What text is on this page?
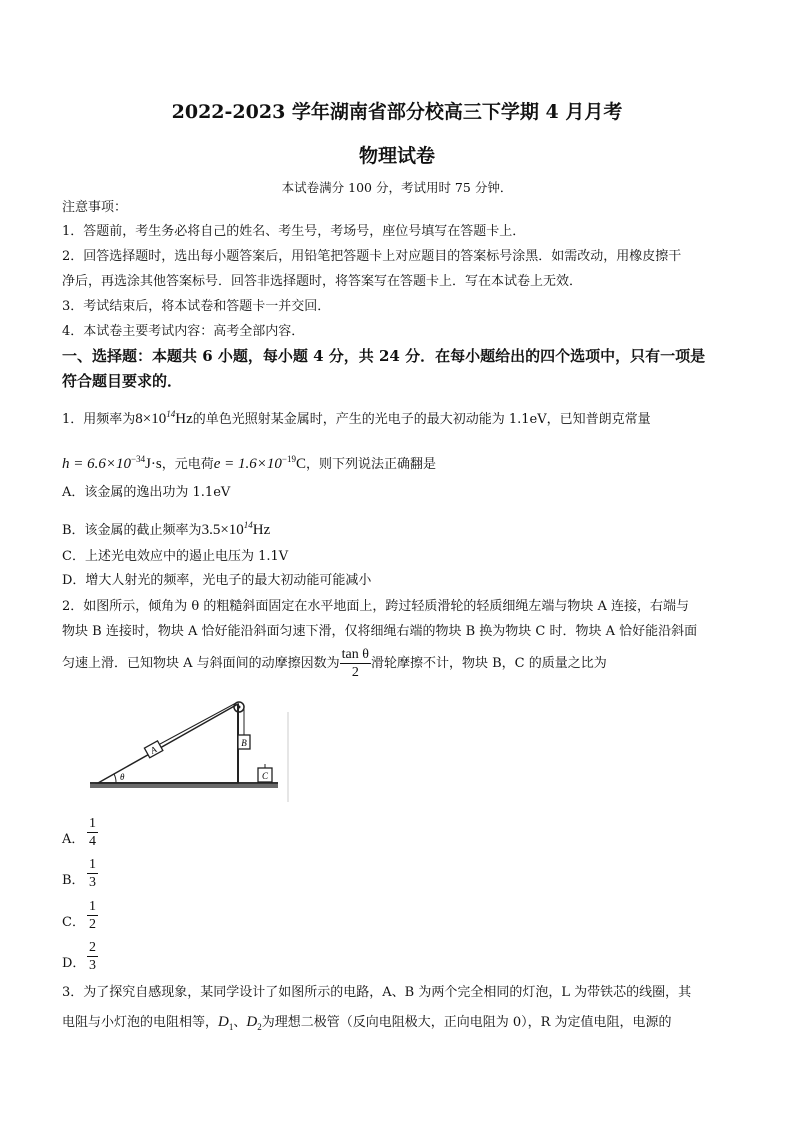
2022-2023 学年湖南省部分校高三下学期 4 月月考
物理试卷
本试卷满分 100 分，考试用时 75 分钟．
注意事项：
1．答题前，考生务必将自己的姓名、考生号，考场号，座位号填写在答题卡上．
2．回答选择题时，选出每小题答案后，用铅笔把答题卡上对应题目的答案标号涂黑．如需改动，用橡皮擦干
净后，再选涂其他答案标号．回答非选择题时，将答案写在答题卡上．写在本试卷上无效．
3．考试结束后，将本试卷和答题卡一并交回．
4．本试卷主要考试内容：高考全部内容．
一、选择题：本题共 6 小题，每小题 4 分，共 24 分．在每小题给出的四个选项中，只有一项是
符合题目要求的．
1．用频率为$8\times 10^{14}Hz$的单色光照射某金属时，产生的光电子的最大初动能为 1.1eV，已知普朗克常量
$h = 6.6\times 10^{-34}J\cdot s$，元电荷$e = 1.6\times 10^{-19}C$，则下列说法正确翻是
A．该金属的逸出功为 1.1eV
B．该金属的截止频率为$3.5\times 10^{14}Hz$
C．上述光电效应中的遏止电压为 1.1V
D．增大人射光的频率，光电子的最大初动能可能减小
2．如图所示，倾角为 θ 的粗糙斜面固定在水平地面上，跨过轻质滑轮的轻质细绳左端与物块 A 连接，右端与
物块 B 连接时，物块 A 恰好能沿斜面匀速下滑，仅将细绳右端的物块 B 换为物块 C 时．物块 A 恰好能沿斜面
匀速上滑．已知物块 A 与斜面间的动摩擦因数为 $\frac{\text{tan θ}}{2}$ 滑轮摩擦不计，物块 B，C 的质量之比为
A
B
C
θ
A． $\frac{1}{4}$
B． $\frac{1}{3}$
C． $\frac{1}{2}$
D． $\frac{2}{3}$
3．为了探究自感现象，某同学设计了如图所示的电路，A、B 为两个完全相同的灯泡，L 为带铁芯的线圈，其
电阻与小灯泡的电阻相等，$D_1$、$D_2$为理想二极管（反向电阻极大，正向电阻为 0），R 为定值电阻，电源的
